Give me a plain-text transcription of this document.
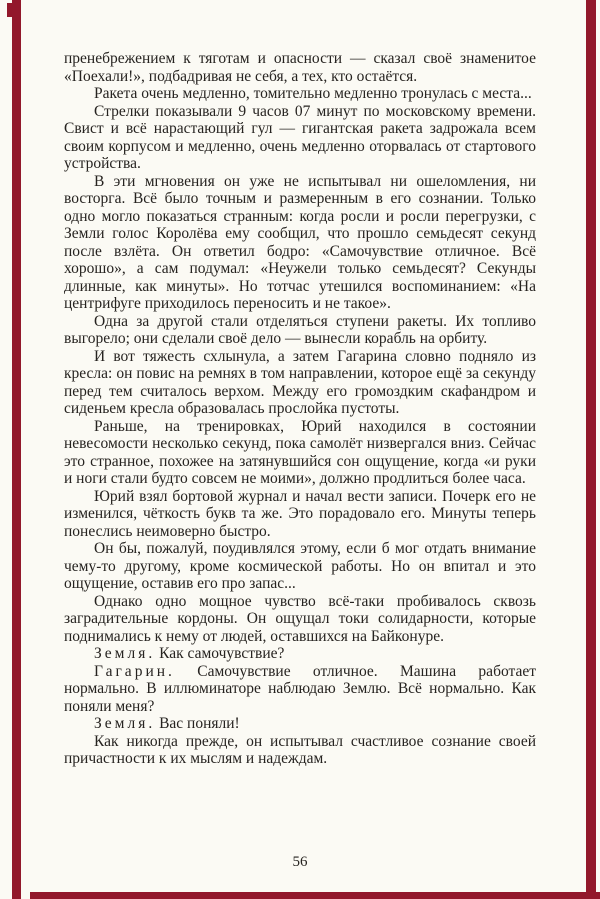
пренебрежением к тяготам и опасности — сказал своё знаменитое «Поехали!», подбадривая не себя, а тех, кто остаётся.

Ракета очень медленно, томительно медленно тронулась с места...

Стрелки показывали 9 часов 07 минут по московскому времени. Свист и всё нарастающий гул — гигантская ракета задрожала всем своим корпусом и медленно, очень медленно оторвалась от стартового устройства.

В эти мгновения он уже не испытывал ни ошеломления, ни восторга. Всё было точным и размеренным в его сознании. Только одно могло показаться странным: когда росли и росли перегрузки, с Земли голос Королёва ему сообщил, что прошло семьдесят секунд после взлёта. Он ответил бодро: «Самочувствие отличное. Всё хорошо», а сам подумал: «Неужели только семьдесят? Секунды длинные, как минуты». Но тотчас утешился воспоминанием: «На центрифуге приходилось переносить и не такое».

Одна за другой стали отделяться ступени ракеты. Их топливо выгорело; они сделали своё дело — вынесли корабль на орбиту.

И вот тяжесть схлынула, а затем Гагарина словно подняло из кресла: он повис на ремнях в том направлении, которое ещё за секунду перед тем считалось верхом. Между его громоздким скафандром и сиденьем кресла образовалась прослойка пустоты.

Раньше, на тренировках, Юрий находился в состоянии невесомости несколько секунд, пока самолёт низвергался вниз. Сейчас это странное, похожее на затянувшийся сон ощущение, когда «и руки и ноги стали будто совсем не моими», должно продлиться более часа.

Юрий взял бортовой журнал и начал вести записи. Почерк его не изменился, чёткость букв та же. Это порадовало его. Минуты теперь понеслись неимоверно быстро.

Он бы, пожалуй, поудивлялся этому, если б мог отдать внимание чему-то другому, кроме космической работы. Но он впитал и это ощущение, оставив его про запас...

Однако одно мощное чувство всё-таки пробивалось сквозь заградительные кордоны. Он ощущал токи солидарности, которые поднимались к нему от людей, оставшихся на Байконуре.

Земля. Как самочувствие?

Гагарин. Самочувствие отличное. Машина работает нормально. В иллюминаторе наблюдаю Землю. Всё нормально. Как поняли меня?

Земля. Вас поняли!

Как никогда прежде, он испытывал счастливое сознание своей причастности к их мыслям и надеждам.

56
